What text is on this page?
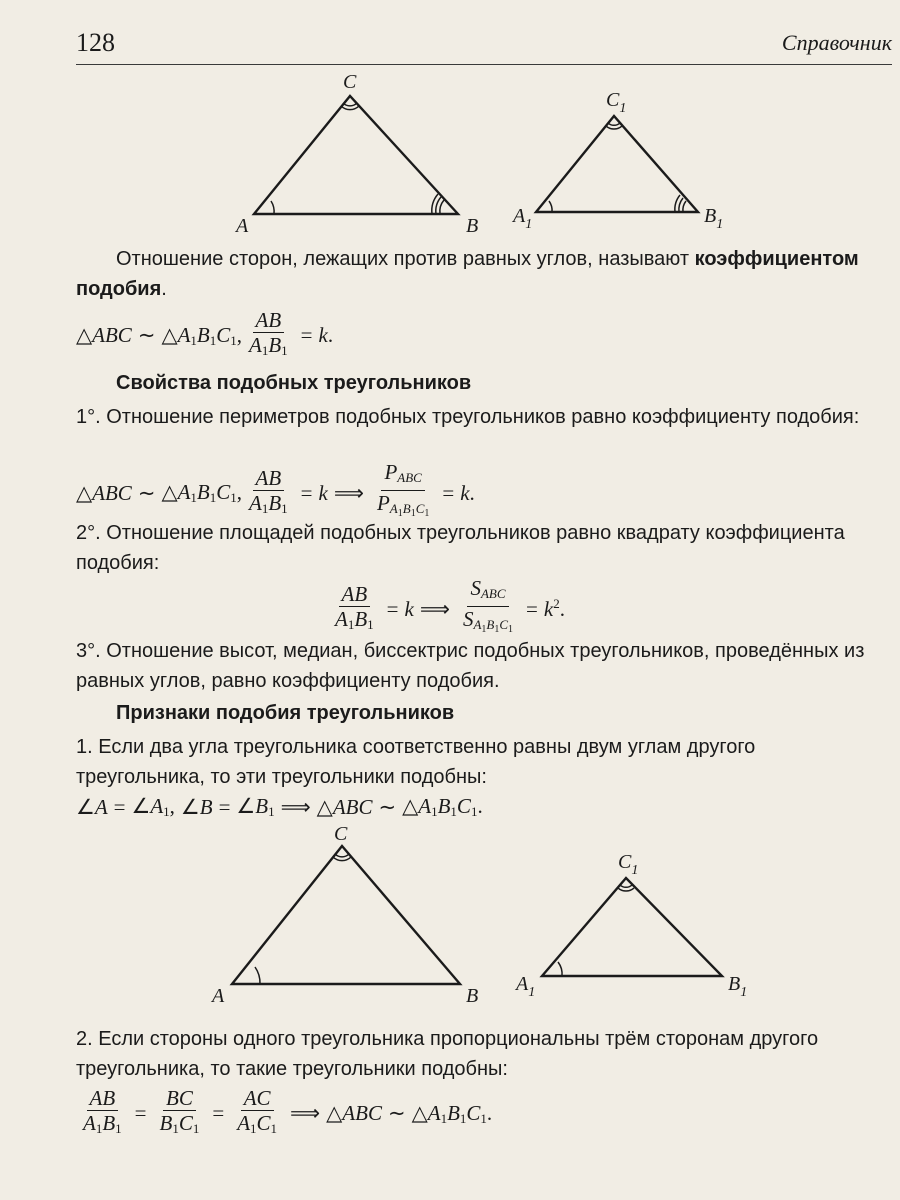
128	Справочник
A	B
C
$A_1$	$B_1$
$C_1$
Отношение сторон, лежащих против равных углов, называют коэффициентом подобия.
△ABC ∼ $\triangle A_1B_1C_1$, $\frac{AB}{A_1B_1} = k$.
Свойства подобных треугольников
1°. Отношение периметров подобных треугольников равно коэффициенту подобия:
△ABC ∼ $\triangle A_1B_1C_1$, $\frac{AB}{A_1B_1} = k$ ⟹ $\frac{P_{ABC}}{P_{A_1B_1C_1}} = k$.
2°. Отношение площадей подобных треугольников равно квадрату коэффициента подобия:
$\frac{AB}{A_1B_1} = k$ ⟹ $\frac{S_{ABC}}{S_{A_1B_1C_1}} = k^2$.
3°. Отношение высот, медиан, биссектрис подобных треугольников, проведённых из равных углов, равно коэффициенту подобия.
Признаки подобия треугольников
1. Если два угла треугольника соответственно равны двум углам другого треугольника, то эти треугольники подобны:
∠A = $\angle A_1$, ∠B = $\angle B_1$ ⟹ △ABC ∼ $\triangle A_1B_1C_1$.
A	B
C
$A_1$	$B_1$
$C_1$
2. Если стороны одного треугольника пропорциональны трём сторонам другого треугольника, то такие треугольники подобны:
$\frac{AB}{A_1B_1} = \frac{BC}{B_1C_1} = \frac{AC}{A_1C_1}$ ⟹ △ABC ∼ $\triangle A_1B_1C_1$.
